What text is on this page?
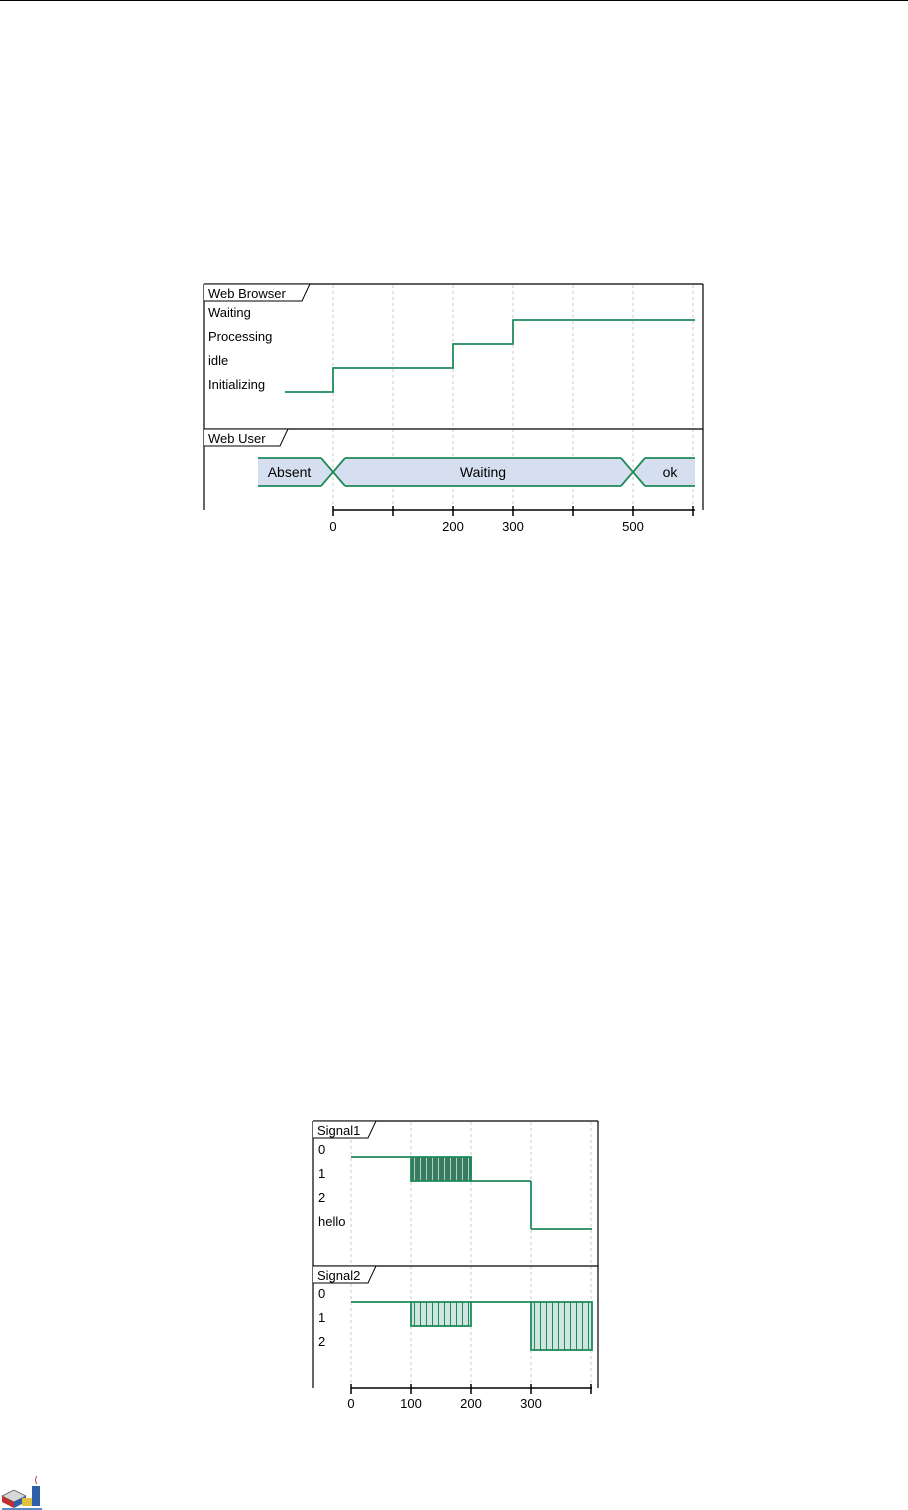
Web Browser
Waiting
Processing
idle
Initializing
Web User
Absent	Waiting	ok
0	200	300	500
Signal1
0
1
2
hello
Signal2
0
1
2
0	100	200	300
